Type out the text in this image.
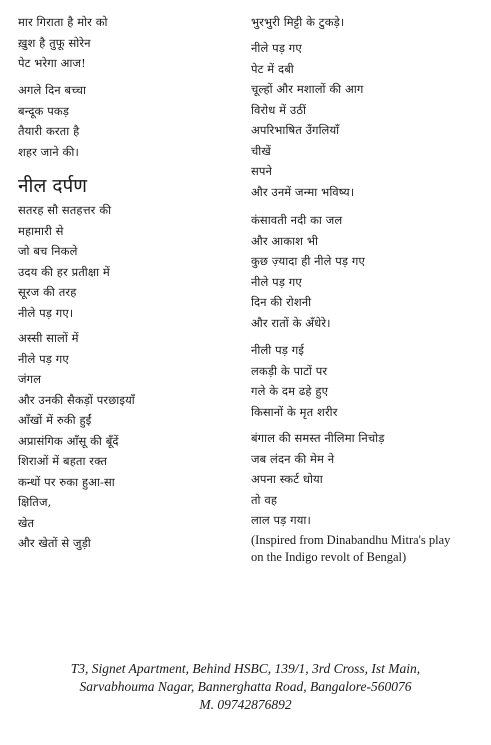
मार गिराता है मोर को
ख़ुश है तुफू सोरेन
पेट भरेगा आज!
अगले दिन बच्चा
बन्दूक पकड़
तैयारी करता है
शहर जाने की।
नील दर्पण
सतरह सौ सतहत्तर की
महामारी से
जो बच निकले
उदय की हर प्रतीक्षा में
सूरज की तरह
नीले पड़ गए।
अस्सी सालों में
नीले पड़ गए
जंगल
और उनकी सैकड़ों परछाइयाँ
आँखों में रुकी हुईं
अप्रासंगिक आँसू की बूँदें
शिराओं में बहता रक्त
कन्धों पर रुका हुआ-सा
क्षितिज,
खेत
और खेतों से जुड़ी
भुरभुरी मिट्टी के टुकड़े।
नीले पड़ गए
पेट में दबी
चूल्हों और मशालों की आग
विरोध में उठीं
अपरिभाषित उँगलियाँ
चीखें
सपने
और उनमें जन्मा भविष्य।
कंसावती नदी का जल
और आकाश भी
कुछ ज़्यादा ही नीले पड़ गए
नीले पड़ गए
दिन की रोशनी
और रातों के अँधेरे।
नीली पड़ गई
लकड़ी के पाटों पर
गले के दम ढहे हुए
किसानों के मृत शरीर
बंगाल की समस्त नीलिमा निचोड़
जब लंदन की मेम ने
अपना स्कर्ट धोया
तो वह
लाल पड़ गया।
(Inspired from Dinabandhu Mitra's play
on the Indigo revolt of Bengal)
T3, Signet Apartment, Behind HSBC, 139/1, 3rd Cross, Ist Main,
Sarvabhouma Nagar, Bannerghatta Road, Bangalore-560076
M. 09742876892
